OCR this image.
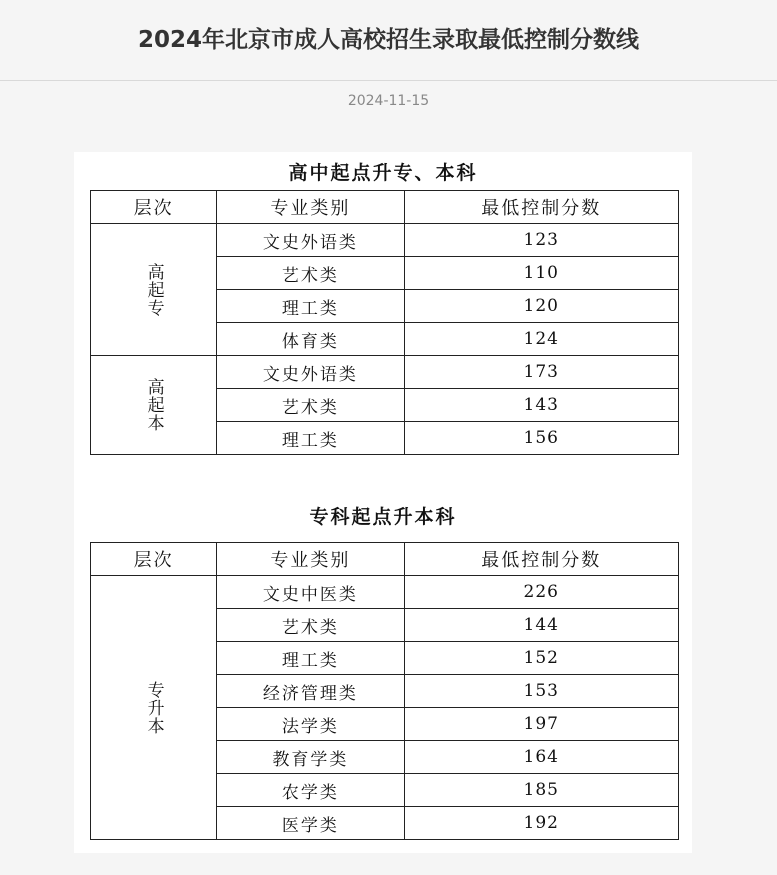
2024年北京市成人高校招生录取最低控制分数线
2024-11-15
高中起点升专、本科
层次	专业类别	最低控制分数
高起专	文史外语类	123
	艺术类	110
	理工类	120
	体育类	124
高起本	文史外语类	173
	艺术类	143
	理工类	156
专科起点升本科
层次	专业类别	最低控制分数
专升本	文史中医类	226
	艺术类	144
	理工类	152
	经济管理类	153
	法学类	197
	教育学类	164
	农学类	185
	医学类	192
